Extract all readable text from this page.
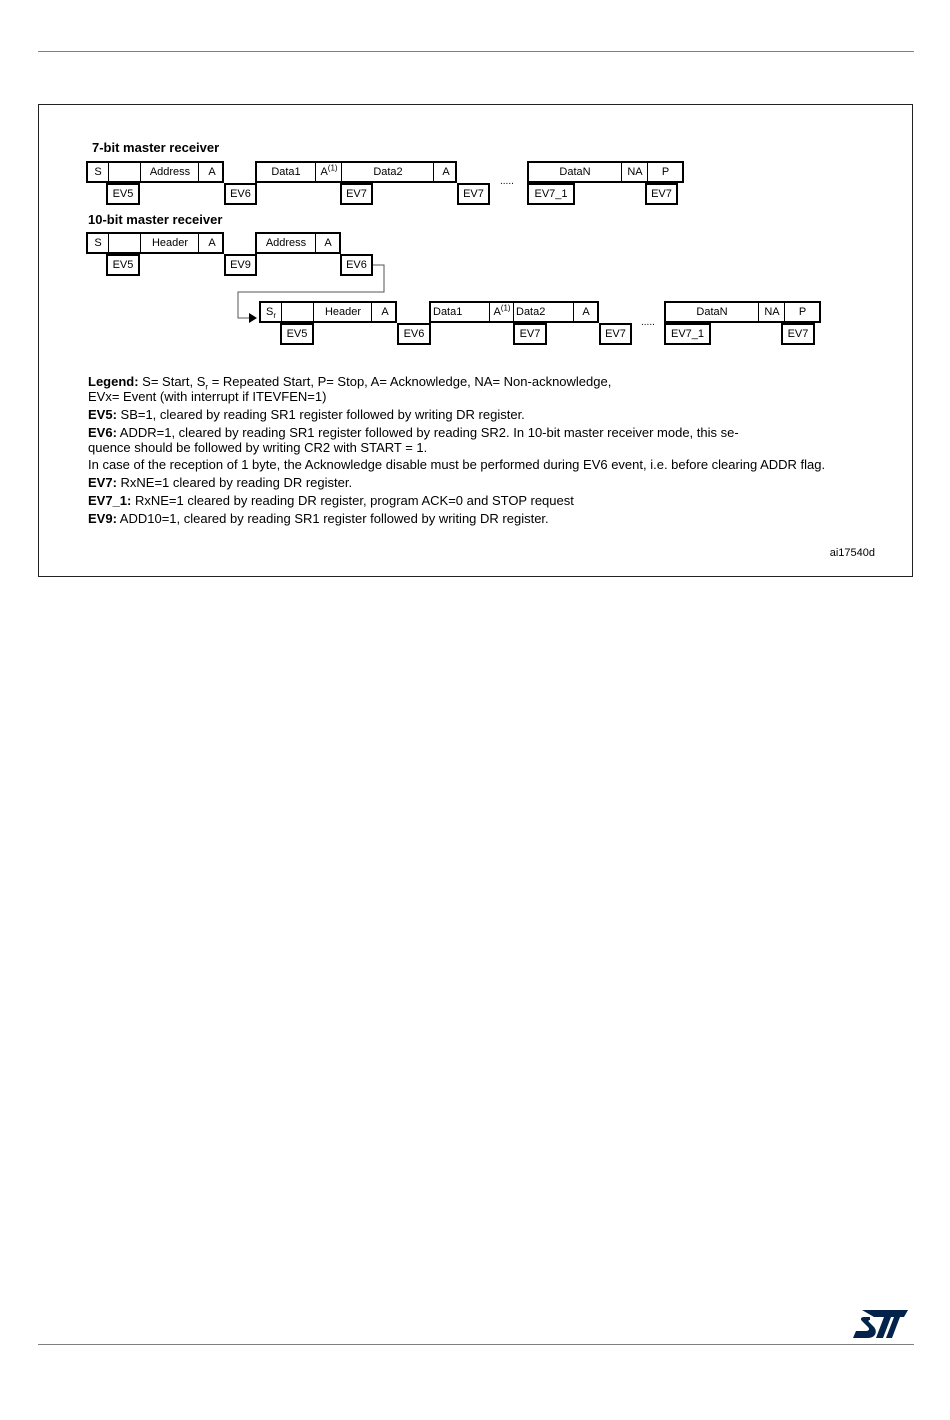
7-bit master receiver
S	Address	A	Data1	$A^{(1)}$	Data2	A
.....
DataN	NA	P
EV5	EV6	EV7	EV7	EV7_1	EV7
10-bit master receiver
S	Header	A	Address	A
EV5	EV9	EV6
$S_r$	Header	A	Data1	$A^{(1)}$ Data2	A
.....
DataN	NA	P
EV5	EV6	EV7	EV7	EV7_1	EV7
Legend: S= Start, $S_r$ = Repeated Start, P= Stop, A= Acknowledge, NA= Non-acknowledge,
EVx= Event (with interrupt if ITEVFEN=1)
EV5: SB=1, cleared by reading SR1 register followed by writing DR register.
EV6: ADDR=1, cleared by reading SR1 register followed by reading SR2. In 10-bit master receiver mode, this se-
quence should be followed by writing CR2 with START = 1.
In case of the reception of 1 byte, the Acknowledge disable must be performed during EV6 event, i.e. before clearing ADDR flag.
EV7: RxNE=1 cleared by reading DR register.
EV7_1: RxNE=1 cleared by reading DR register, program ACK=0 and STOP request
EV9: ADD10=1, cleared by reading SR1 register followed by writing DR register.
ai17540d
